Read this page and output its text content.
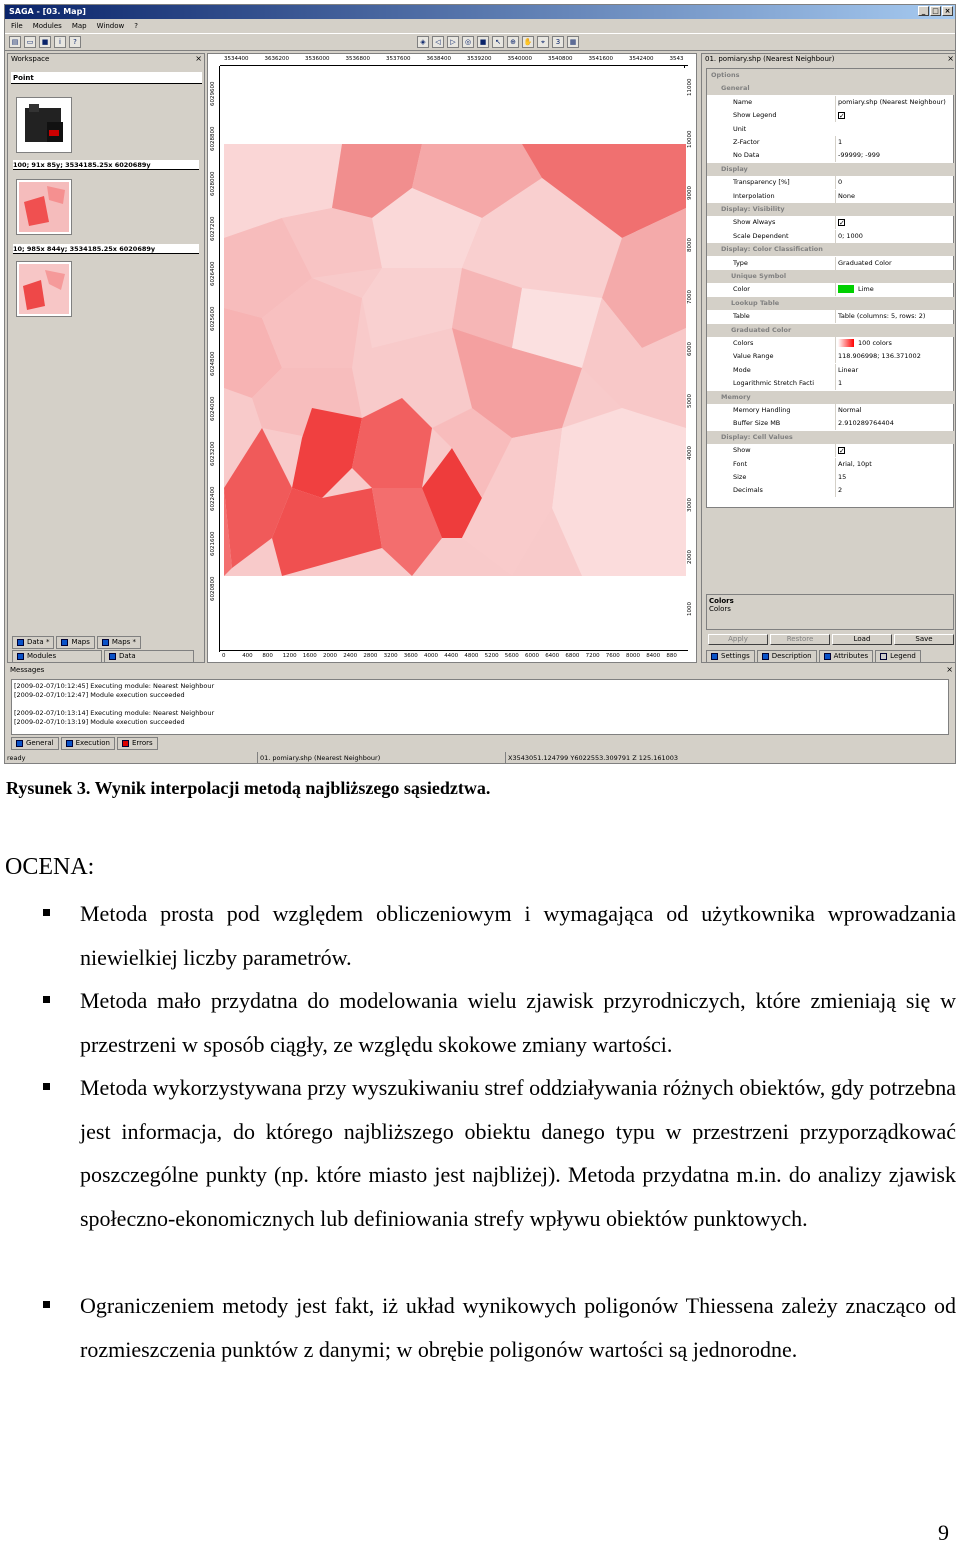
SAGA - [03. Map]	_ □ ×
File Modules Map Window ?
▤	▭	■	i	?	◈	◁	▷	◎	■	↖	⊕	✋	⌖	3	▦
Workspace	×
Point
100; 91x 85y; 3534185.25x 6020689y
10; 985x 844y; 3534185.25x 6020689y
Data *	Maps	Maps *
Modules	Data
3534400	3636200	3536000	3536800	3537600	3638400	3539200	3540000	3540800	3541600	3542400	3543
6029600
6028800
6028000
6027200
6026400
6025600
6024800
6024000
6023200
6022400
6021600
6020800
11000
10000
9000
8000
7000
6000
5000
4000
3000
2000
1000
0	400 800 1200 1600 2000 2400 2800 3200 3600 4000 4400 4800 5200 5600 6000 6400 6800 7200 7600 8000 8400 880
01. pomiary.shp (Nearest Neighbour)	×
Options
General
Name	pomiary.shp (Nearest Neighbour)
Show Legend
✓
Unit
Z-Factor	1
No Data	-99999; -999
Display
Transparency [%]	0
Interpolation	None
Display: Visibility
Show Always
✓
Scale Dependent	0; 1000
Display: Color Classification
Type	Graduated Color
Unique Symbol
Color	Lime
Lookup Table
Table	Table (columns: 5, rows: 2)
Graduated Color
Colors	100 colors
Value Range	118.906998; 136.371002
Mode	Linear
Logarithmic Stretch Facti	1
Memory
Memory Handling	Normal
Buffer Size MB	2.910289764404
Display: Cell Values
Show
✓
Font	Arial, 10pt
Size	15
Decimals	2
Colors
Colors
Apply	Restore	Load	Save
Settings	Description	Attributes	Legend
Messages	×
[2009-02-07/10:12:45] Executing module: Nearest Neighbour
[2009-02-07/10:12:47] Module execution succeeded
[2009-02-07/10:13:14] Executing module: Nearest Neighbour
[2009-02-07/10:13:19] Module execution succeeded
General	Execution	Errors
ready	01. pomiary.shp (Nearest Neighbour)	X3543051.124799 Y6022553.309791 Z 125.161003
Rysunek 3. Wynik interpolacji metodą najbliższego sąsiedztwa.
OCENA:
Metoda prosta pod względem obliczeniowym i wymagająca od użytkownika wprowadzania niewielkiej liczby parametrów.
Metoda mało przydatna do modelowania wielu zjawisk przyrodniczych, które zmieniają się w przestrzeni w sposób ciągły, ze względu skokowe zmiany wartości.
Metoda wykorzystywana przy wyszukiwaniu stref oddziaływania różnych obiektów, gdy potrzebna jest informacja, do którego najbliższego obiektu danego typu w przestrzeni przyporządkować poszczególne punkty (np. które miasto jest najbliżej). Metoda przydatna m.in. do analizy zjawisk społeczno-ekonomicznych lub definiowania strefy wpływu obiektów punktowych.
Ograniczeniem metody jest fakt, iż układ wynikowych poligonów Thiessena zależy znacząco od rozmieszczenia punktów z danymi; w obrębie poligonów wartości są jednorodne.
9
